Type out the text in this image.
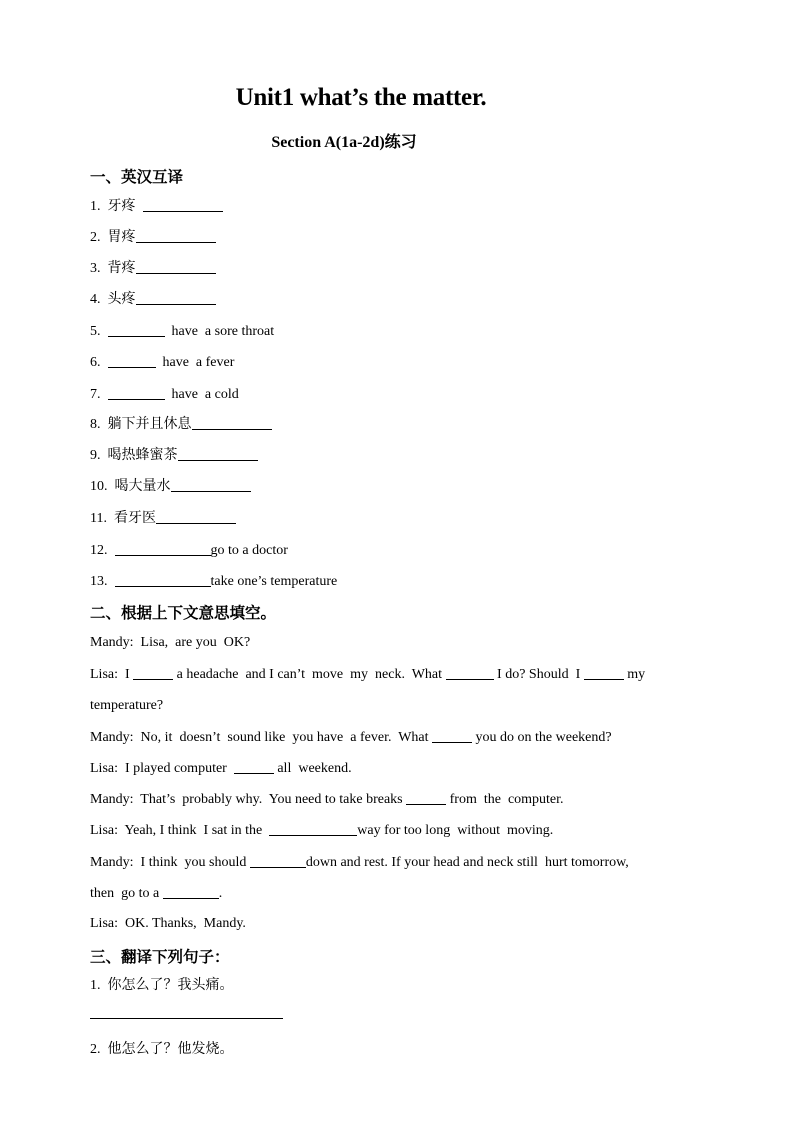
Unit1 what’s the matter.
Section A(1a-2d)练习
一、英汉互译
1. 牙疼
2. 胃疼
3. 背疼
4. 头疼
5.	have  a sore throat
6.	have  a fever
7.	have  a cold
8. 躺下并且休息
9. 喝热蜂蜜茶
10. 喝大量水
11. 看牙医
12.	go to a doctor
13.	take one’s temperature
二、根据上下文意思填空。
Mandy:  Lisa,  are you  OK?
Lisa:  I	a headache  and I can’t  move  my  neck.  What	I do? Should  I	my
temperature?
Mandy:  No, it  doesn’t  sound like  you have  a fever.  What	you do on the weekend?
Lisa:  I played computer	all  weekend.
Mandy:  That’s  probably why.  You need to take breaks	from  the  computer.
Lisa:  Yeah, I think  I sat in the	way for too long  without  moving.
Mandy:  I think  you should	down and rest. If your head and neck still  hurt tomorrow,
then  go to a	.
Lisa:  OK. Thanks,  Mandy.
三、翻译下列句子：
1. 你怎么了？我头痛。
2. 他怎么了？他发烧。
